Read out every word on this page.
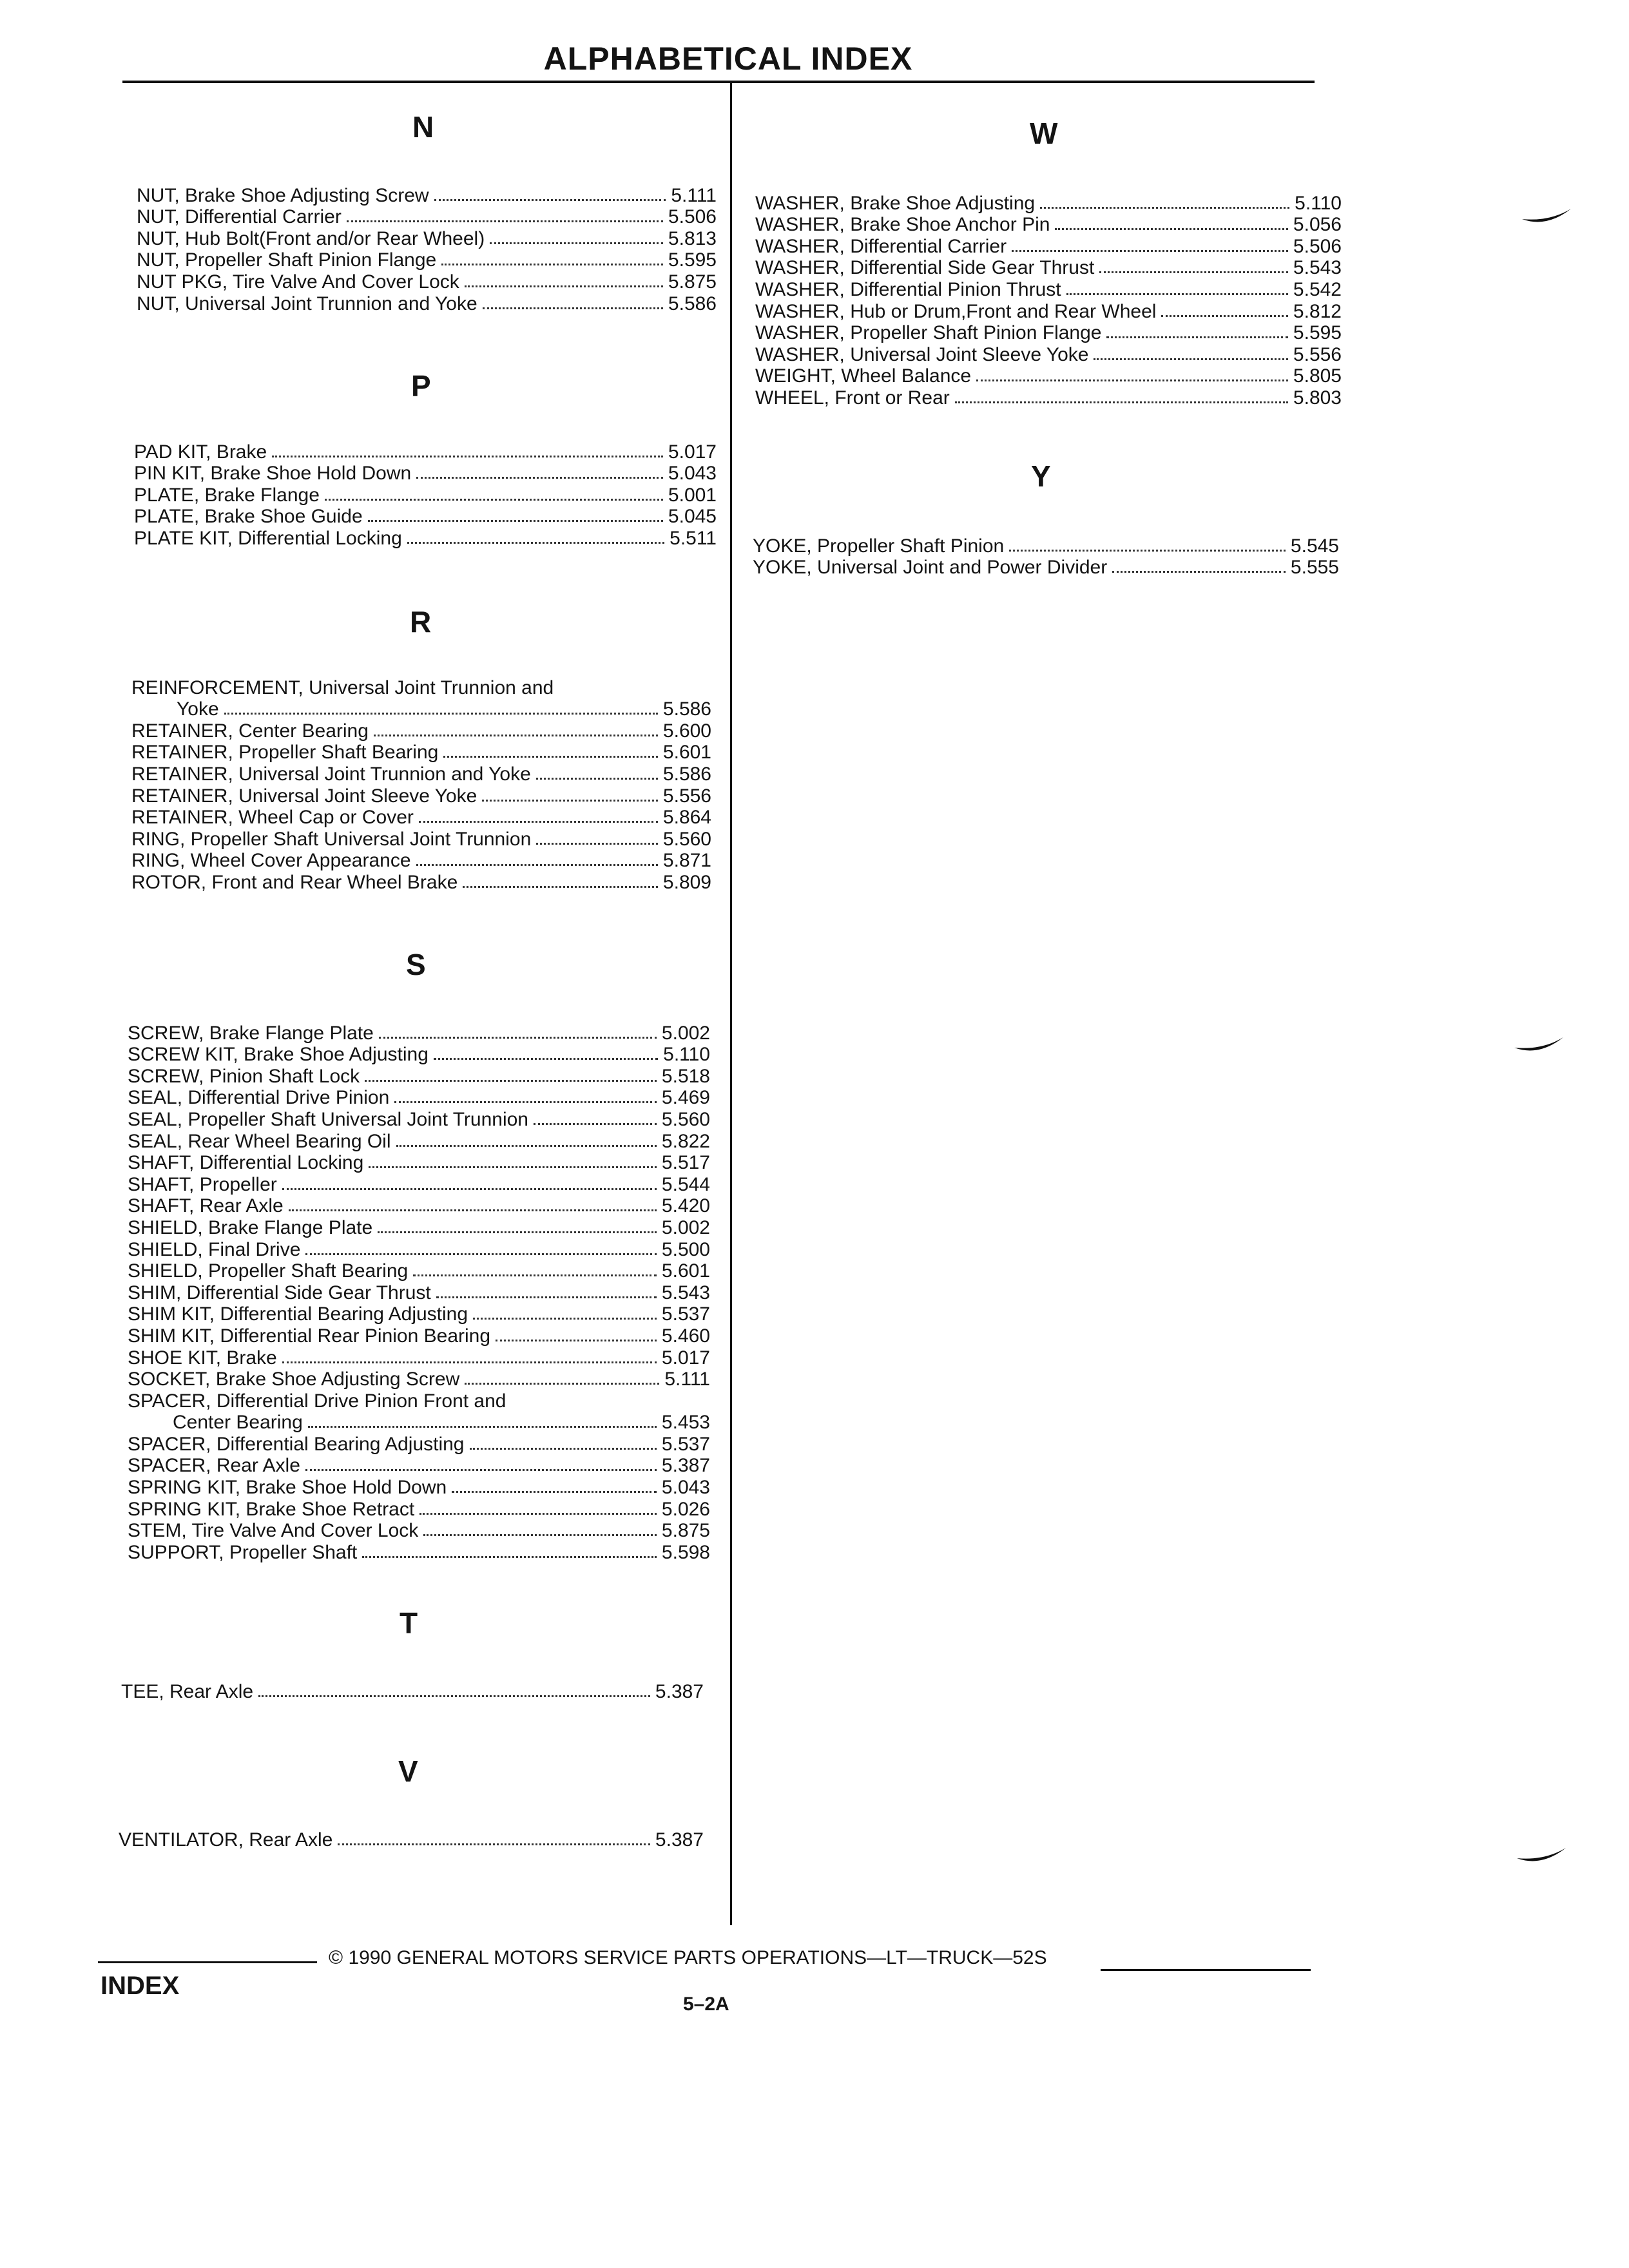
ALPHABETICAL INDEX
N
NUT, Brake Shoe Adjusting Screw	5.111
NUT, Differential Carrier	5.506
NUT, Hub Bolt(Front and/or Rear Wheel)	5.813
NUT, Propeller Shaft Pinion Flange	5.595
NUT PKG, Tire Valve And Cover Lock	5.875
NUT, Universal Joint Trunnion and Yoke	5.586
P
PAD KIT, Brake	5.017
PIN KIT, Brake Shoe Hold Down	5.043
PLATE, Brake Flange	5.001
PLATE, Brake Shoe Guide	5.045
PLATE KIT, Differential Locking	5.511
R
REINFORCEMENT, Universal Joint Trunnion and
Yoke	5.586
RETAINER, Center Bearing	5.600
RETAINER, Propeller Shaft Bearing	5.601
RETAINER, Universal Joint Trunnion and Yoke	5.586
RETAINER, Universal Joint Sleeve Yoke	5.556
RETAINER, Wheel Cap or Cover	5.864
RING, Propeller Shaft Universal Joint Trunnion	5.560
RING, Wheel Cover Appearance	5.871
ROTOR, Front and Rear Wheel Brake	5.809
S
SCREW, Brake Flange Plate	5.002
SCREW KIT, Brake Shoe Adjusting	5.110
SCREW, Pinion Shaft Lock	5.518
SEAL, Differential Drive Pinion	5.469
SEAL, Propeller Shaft Universal Joint Trunnion	5.560
SEAL, Rear Wheel Bearing Oil	5.822
SHAFT, Differential Locking	5.517
SHAFT, Propeller	5.544
SHAFT, Rear Axle	5.420
SHIELD, Brake Flange Plate	5.002
SHIELD, Final Drive	5.500
SHIELD, Propeller Shaft Bearing	5.601
SHIM, Differential Side Gear Thrust	5.543
SHIM KIT, Differential Bearing Adjusting	5.537
SHIM KIT, Differential Rear Pinion Bearing	5.460
SHOE KIT, Brake	5.017
SOCKET, Brake Shoe Adjusting Screw	5.111
SPACER, Differential Drive Pinion Front and
Center Bearing	5.453
SPACER, Differential Bearing Adjusting	5.537
SPACER, Rear Axle	5.387
SPRING KIT, Brake Shoe Hold Down	5.043
SPRING KIT, Brake Shoe Retract	5.026
STEM, Tire Valve And Cover Lock	5.875
SUPPORT, Propeller Shaft	5.598
T
TEE, Rear Axle	5.387
V
VENTILATOR, Rear Axle	5.387
W
WASHER, Brake Shoe Adjusting	5.110
WASHER, Brake Shoe Anchor Pin	5.056
WASHER, Differential Carrier	5.506
WASHER, Differential Side Gear Thrust	5.543
WASHER, Differential Pinion Thrust	5.542
WASHER, Hub or Drum,Front and Rear Wheel	5.812
WASHER, Propeller Shaft Pinion Flange	5.595
WASHER, Universal Joint Sleeve Yoke	5.556
WEIGHT, Wheel Balance	5.805
WHEEL, Front or Rear	5.803
Y
YOKE, Propeller Shaft Pinion	5.545
YOKE, Universal Joint and Power Divider	5.555
© 1990 GENERAL MOTORS SERVICE PARTS OPERATIONS—LT—TRUCK—52S
INDEX
5–2A
